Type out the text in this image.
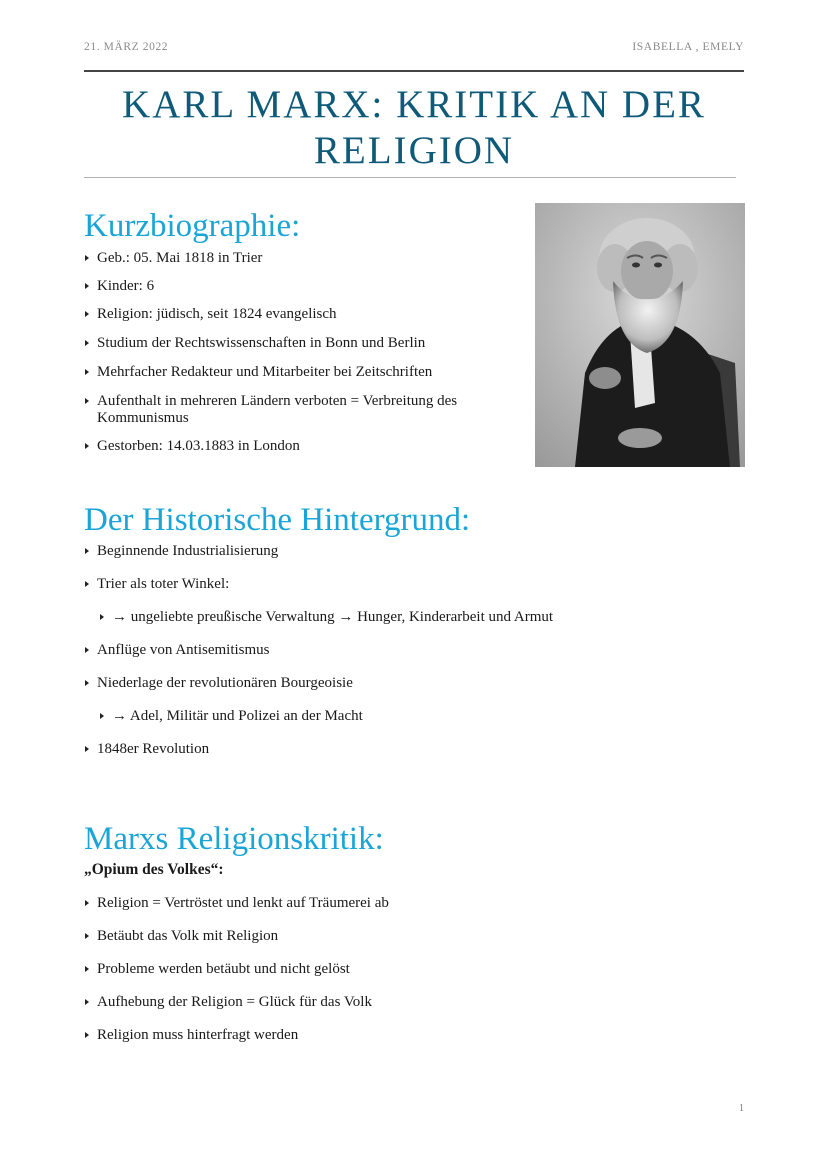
21. MÄRZ 2022	ISABELLA , EMELY
KARL MARX: KRITIK AN DER
RELIGION
Kurzbiographie:
Geb.: 05. Mai 1818 in Trier
Kinder: 6
Religion: jüdisch, seit 1824 evangelisch
Studium der Rechtswissenschaften in Bonn und Berlin
Mehrfacher Redakteur und Mitarbeiter bei Zeitschriften
Aufenthalt in mehreren Ländern verboten = Verbreitung des Kommunismus
Gestorben: 14.03.1883 in London
Der Historische Hintergrund:
Beginnende Industrialisierung
Trier als toter Winkel:
→ ungeliebte preußische Verwaltung → Hunger, Kinderarbeit und Armut
Anflüge von Antisemitismus
Niederlage der revolutionären Bourgeoisie
→ Adel, Militär und Polizei an der Macht
1848er Revolution
Marxs Religionskritik:

„Opium des Volkes“:

Religion = Vertröstet und lenkt auf Träumerei ab
Betäubt das Volk mit Religion
Probleme werden betäubt und nicht gelöst
Aufhebung der Religion = Glück für das Volk
Religion muss hinterfragt werden
1
